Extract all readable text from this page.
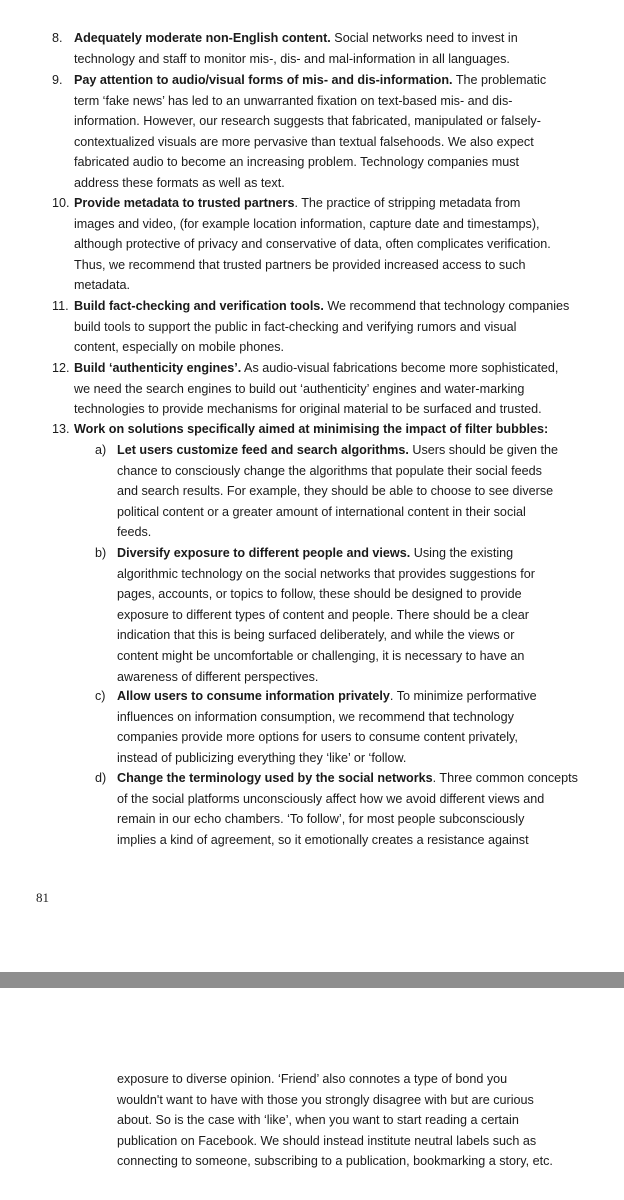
8. Adequately moderate non-English content. Social networks need to invest in
technology and staff to monitor mis-, dis- and mal-information in all languages.
9. Pay attention to audio/visual forms of mis- and dis-information. The problematic
term ‘fake news’ has led to an unwarranted fixation on text-based mis- and dis-
information. However, our research suggests that fabricated, manipulated or falsely-
contextualized visuals are more pervasive than textual falsehoods. We also expect
fabricated audio to become an increasing problem. Technology companies must
address these formats as well as text.
10. Provide metadata to trusted partners. The practice of stripping metadata from
images and video, (for example location information, capture date and timestamps),
although protective of privacy and conservative of data, often complicates verification.
Thus, we recommend that trusted partners be provided increased access to such
metadata.
11. Build fact-checking and verification tools. We recommend that technology companies
build tools to support the public in fact-checking and verifying rumors and visual
content, especially on mobile phones.
12. Build ‘authenticity engines’. As audio-visual fabrications become more sophisticated,
we need the search engines to build out ‘authenticity’ engines and water-marking
technologies to provide mechanisms for original material to be surfaced and trusted.
13. Work on solutions specifically aimed at minimising the impact of filter bubbles:
a) Let users customize feed and search algorithms. Users should be given the
chance to consciously change the algorithms that populate their social feeds
and search results. For example, they should be able to choose to see diverse
political content or a greater amount of international content in their social
feeds.
b) Diversify exposure to different people and views. Using the existing
algorithmic technology on the social networks that provides suggestions for
pages, accounts, or topics to follow, these should be designed to provide
exposure to different types of content and people. There should be a clear
indication that this is being surfaced deliberately, and while the views or
content might be uncomfortable or challenging, it is necessary to have an
awareness of different perspectives.
c) Allow users to consume information privately. To minimize performative
influences on information consumption, we recommend that technology
companies provide more options for users to consume content privately,
instead of publicizing everything they ‘like’ or ‘follow.
d) Change the terminology used by the social networks. Three common concepts
of the social platforms unconsciously affect how we avoid different views and
remain in our echo chambers. ‘To follow’, for most people subconsciously
implies a kind of agreement, so it emotionally creates a resistance against
81
exposure to diverse opinion. ‘Friend’ also connotes a type of bond you
wouldn't want to have with those you strongly disagree with but are curious
about. So is the case with ‘like’, when you want to start reading a certain
publication on Facebook. We should instead institute neutral labels such as
connecting to someone, subscribing to a publication, bookmarking a story, etc.
